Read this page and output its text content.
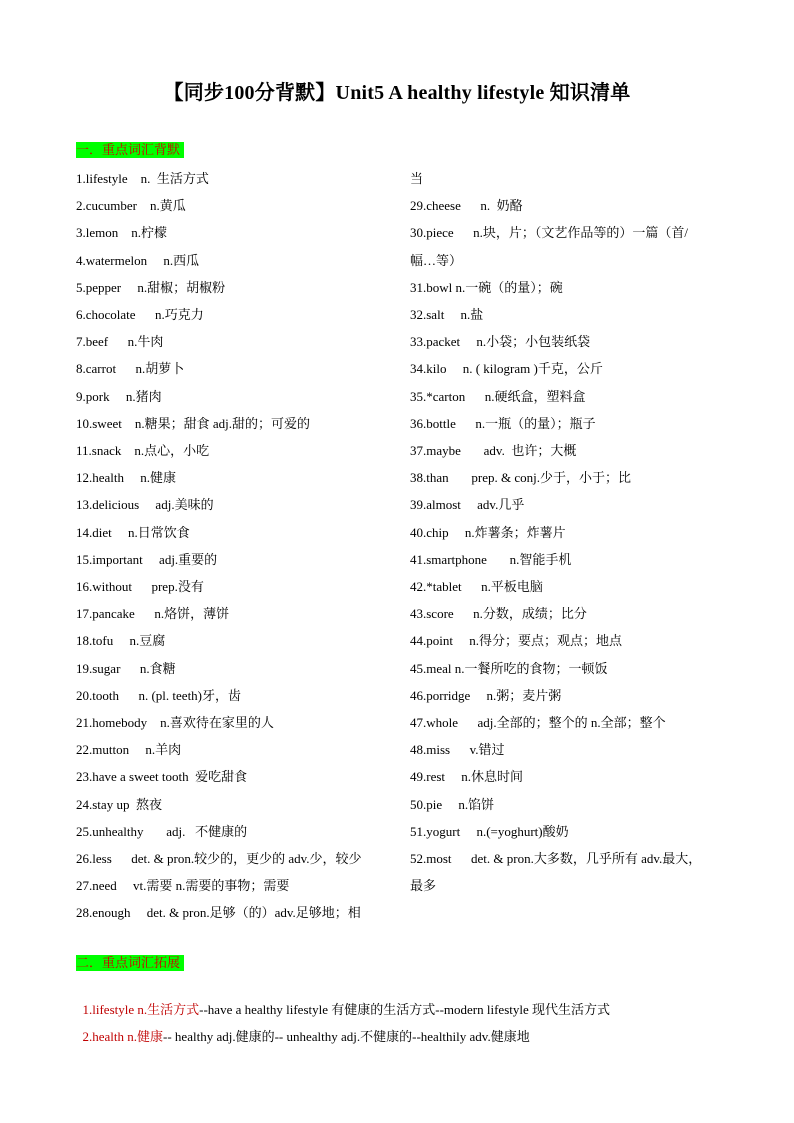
【同步100分背默】Unit5 A healthy lifestyle 知识清单
一．重点词汇背默
1.lifestyle    n.  生活方式
2.cucumber    n.黄瓜
3.lemon    n.柠檬
4.watermelon     n.西瓜
5.pepper     n.甜椒；胡椒粉
6.chocolate      n.巧克力
7.beef      n.牛肉
8.carrot      n.胡萝卜
9.pork     n.猪肉
10.sweet    n.糖果；甜食 adj.甜的；可爱的
11.snack    n.点心，小吃
12.health     n.健康
13.delicious     adj.美味的
14.diet     n.日常饮食
15.important     adj.重要的
16.without      prep.没有
17.pancake      n.烙饼，薄饼
18.tofu     n.豆腐
19.sugar      n.食糖
20.tooth      n. (pl. teeth)牙，齿
21.homebody    n.喜欢待在家里的人
22.mutton     n.羊肉
23.have a sweet tooth  爱吃甜食
24.stay up  熬夜
25.unhealthy       adj.   不健康的
26.less      det. & pron.较少的，更少的 adv.少，较少
27.need     vt.需要 n.需要的事物；需要
28.enough     det. & pron.足够（的）adv.足够地；相
当
29.cheese      n.  奶酪
30.piece      n.块，片；（文艺作品等的）一篇（首/
幅…等）
31.bowl n.一碗（的量）；碗
32.salt     n.盐
33.packet     n.小袋；小包装纸袋
34.kilo     n. ( kilogram )千克，公斤
35.*carton      n.硬纸盒，塑料盒
36.bottle      n.一瓶（的量）；瓶子
37.maybe       adv.  也许；大概
38.than       prep. & conj.少于，小于；比
39.almost     adv.几乎
40.chip     n.炸薯条；炸薯片
41.smartphone       n.智能手机
42.*tablet      n.平板电脑
43.score      n.分数，成绩；比分
44.point     n.得分；要点；观点；地点
45.meal n.一餐所吃的食物；一顿饭
46.porridge     n.粥；麦片粥
47.whole      adj.全部的；整个的 n.全部；整个
48.miss      v.错过
49.rest     n.休息时间
50.pie     n.馅饼
51.yogurt     n.(=yoghurt)酸奶
52.most      det. & pron.大多数，几乎所有 adv.最大，
最多
二．重点词汇拓展

1.lifestyle n.生活方式--have a healthy lifestyle 有健康的生活方式--modern lifestyle 现代生活方式

2.health n.健康-- healthy adj.健康的-- unhealthy adj.不健康的--healthily adv.健康地
